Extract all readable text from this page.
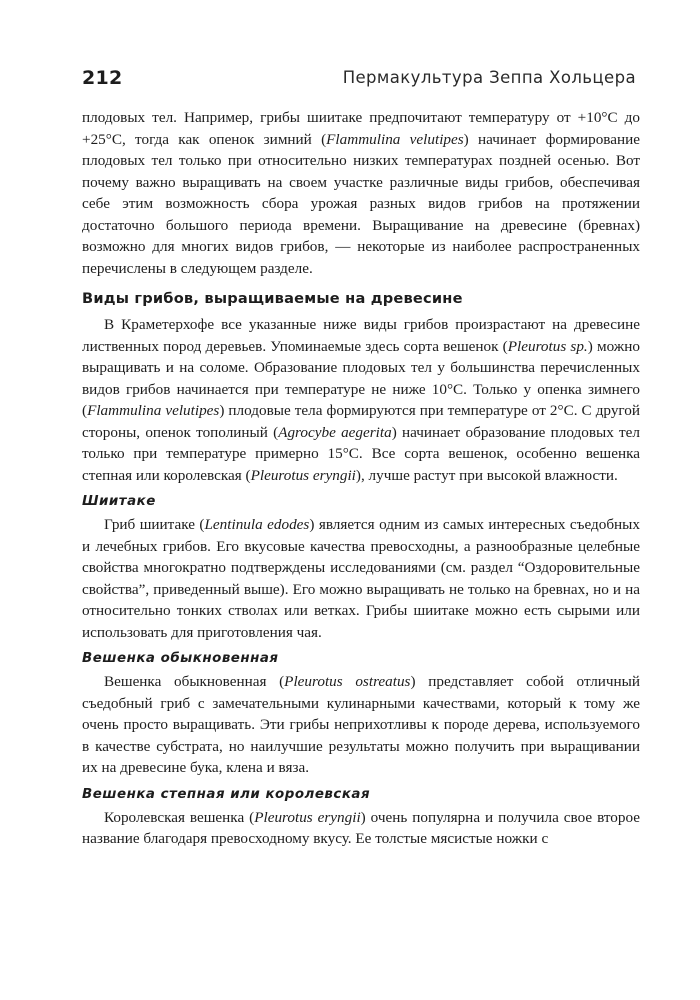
212	Пермакультура Зеппа Хольцера

плодовых тел. Например, грибы шиитаке предпочитают температуру от +10°C до +25°C, тогда как опенок зимний (Flammulina velutipes) начинает формирование плодовых тел только при относительно низких температурах поздней осенью. Вот почему важно выращивать на своем участке различные виды грибов, обеспечивая себе этим возможность сбора урожая разных видов грибов на протяжении достаточно большого периода времени. Выращивание на древесине (бревнах) возможно для многих видов грибов, — некоторые из наиболее распространенных перечислены в следующем разделе.

Виды грибов, выращиваемые на древесине

В Краметерхофе все указанные ниже виды грибов произрастают на древесине лиственных пород деревьев. Упоминаемые здесь сорта вешенок (Pleurotus sp.) можно выращивать и на соломе. Образование плодовых тел у большинства перечисленных видов грибов начинается при температуре не ниже 10°C. Только у опенка зимнего (Flammulina velutipes) плодовые тела формируются при температуре от 2°C. С другой стороны, опенок тополиный (Agrocybe aegerita) начинает образование плодовых тел только при температуре примерно 15°C. Все сорта вешенок, особенно вешенка степная или королевская (Pleurotus eryngii), лучше растут при высокой влажности.

Шиитаке

Гриб шиитаке (Lentinula edodes) является одним из самых интересных съедобных и лечебных грибов. Его вкусовые качества превосходны, а разнообразные целебные свойства многократно подтверждены исследованиями (см. раздел “Оздоровительные свойства”, приведенный выше). Его можно выращивать не только на бревнах, но и на относительно тонких стволах или ветках. Грибы шиитаке можно есть сырыми или использовать для приготовления чая.

Вешенка обыкновенная

Вешенка обыкновенная (Pleurotus ostreatus) представляет собой отличный съедобный гриб с замечательными кулинарными качествами, который к тому же очень просто выращивать. Эти грибы неприхотливы к породе дерева, используемого в качестве субстрата, но наилучшие результаты можно получить при выращивании их на древесине бука, клена и вяза.

Вешенка степная или королевская

Королевская вешенка (Pleurotus eryngii) очень популярна и получила свое второе название благодаря превосходному вкусу. Ее толстые мясистые ножки с
